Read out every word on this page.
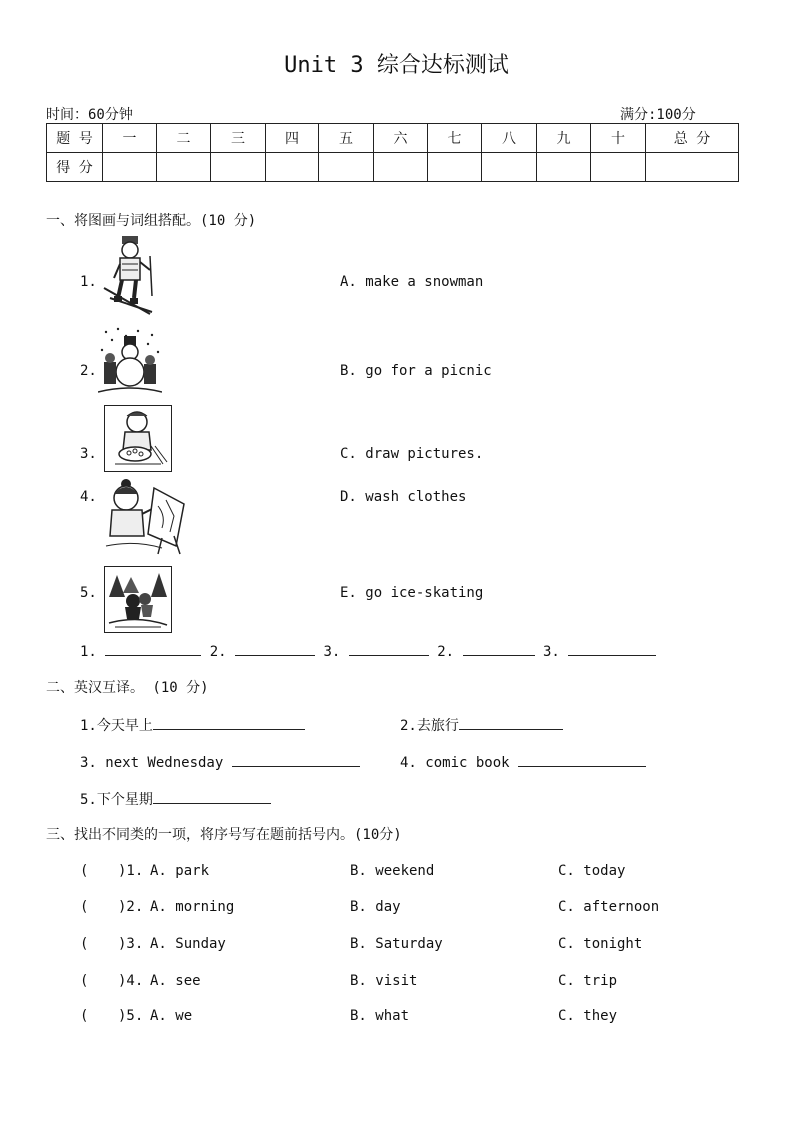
Unit 3 综合达标测试
时间：60分钟	满分:100分
题 号	一	二	三	四	五	六	七	八	九	十	总 分
得 分											
一、将图画与词组搭配。(10 分)
1.
2.
3.
4.
5.
A. make a snowman
B. go for a picnic
C. draw pictures.
D. wash clothes
E. go ice-skating
1.	2.	3.	2.	3.
二、英汉互译。 (10 分)
1.今天早上	2.去旅行
3. next Wednesday	4. comic book
5.下个星期
三、找出不同类的一项，将序号写在题前括号内。(10分)
( )1. A. park	B. weekend	C. today
( )2. A. morning	B. day	C. afternoon
( )3. A. Sunday	B. Saturday	C. tonight
( )4. A. see	B. visit	C. trip
( )5. A. we	B. what	C. they
